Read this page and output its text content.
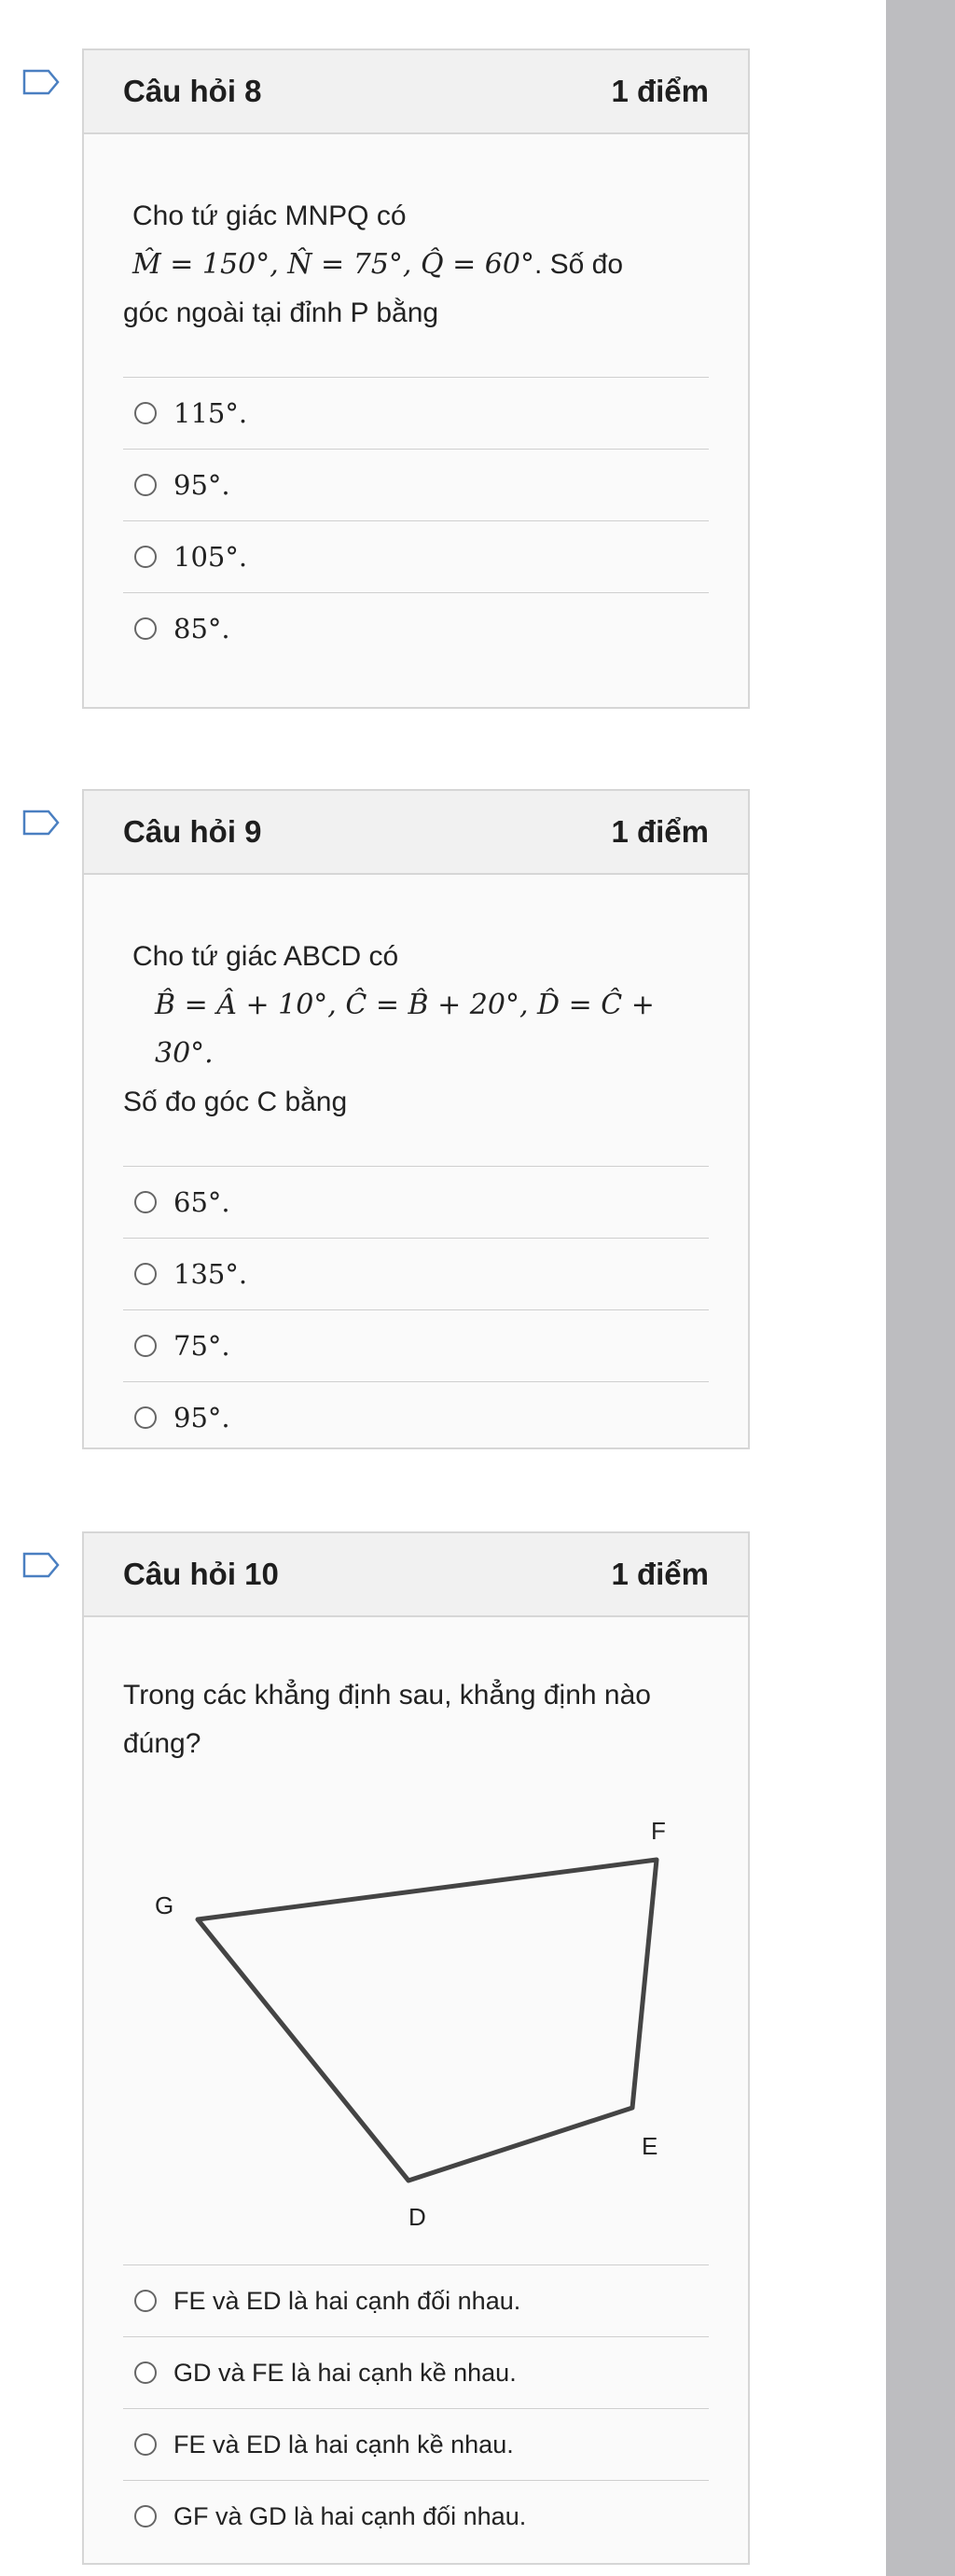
Câu hỏi 8	1 điểm
Cho tứ giác MNPQ có
M̂ = 150°, N̂ = 75°, Q̂ = 60°. Số đo
góc ngoài tại đỉnh P bằng
115°.
95°.
105°.
85°.
Câu hỏi 9	1 điểm
Cho tứ giác ABCD có
B̂ = Â + 10°, Ĉ = B̂ + 20°, D̂ = Ĉ + 30°.
Số đo góc C bằng
65°.
135°.
75°.
95°.
Câu hỏi 10	1 điểm
Trong các khẳng định sau, khẳng định nào
đúng?
F
G
E
D
FE và ED là hai cạnh đối nhau.
GD và FE là hai cạnh kề nhau.
FE và ED là hai cạnh kề nhau.
GF và GD là hai cạnh đối nhau.
